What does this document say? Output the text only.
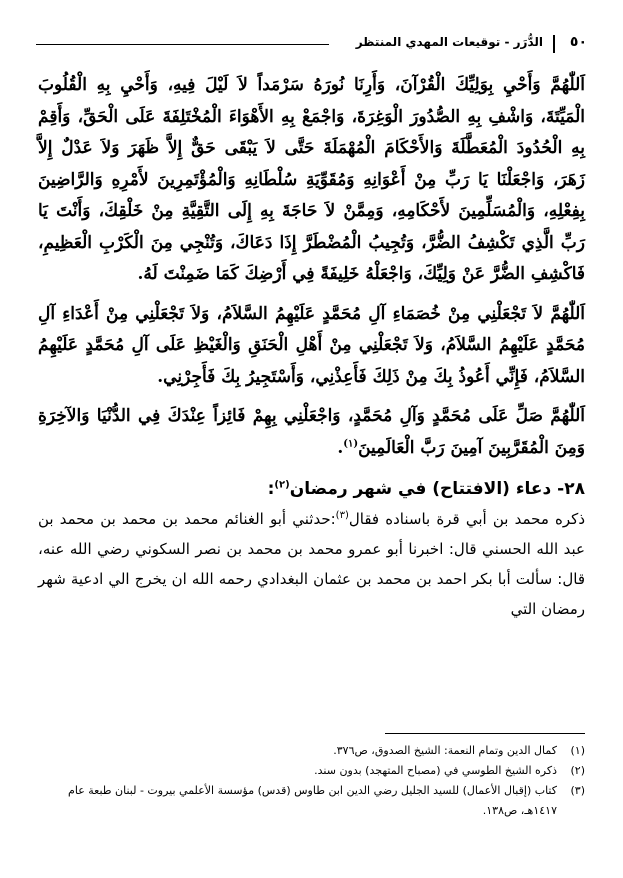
٥٠
الدُّرَر - توقيعات المهدي المنتظر

اَللّٰهُمَّ وَأَحْيِ بِوَلِيِّكَ الْقُرْآنَ، وَأَرِنَا نُورَهُ سَرْمَداً لاَ لَيْلَ فِيهِ، وَأَحْيِ بِهِ الْقُلُوبَ الْمَيِّتَةَ، وَاشْفِ بِهِ الصُّدُورَ الْوَغِرَةَ، وَاجْمَعْ بِهِ الأَهْوَاءَ الْمُخْتَلِفَةَ عَلَى الْحَقِّ، وَأَقِمْ بِهِ الْحُدُودَ الْمُعَطَّلَةَ وَالأَحْكَامَ الْمُهْمَلَةَ حَتَّى لاَ يَبْقَى حَقٌّ إِلاَّ ظَهَرَ وَلاَ عَدْلٌ إِلاَّ زَهَرَ، وَاجْعَلْنَا يَا رَبِّ مِنْ أَعْوَانِهِ وَمُقَوِّيَةِ سُلْطَانِهِ وَالْمُؤْتَمِرِينَ لأَمْرِهِ وَالرَّاضِينَ بِفِعْلِهِ، وَالْمُسَلِّمِينَ لأَحْكَامِهِ، وَمِمَّنْ لاَ حَاجَةَ بِهِ إِلَى التَّقِيَّةِ مِنْ خَلْقِكَ، وَأَنْتَ يَا رَبِّ الَّذِي تَكْشِفُ الضُّرَّ، وَتُجِيبُ الْمُضْطَرَّ إِذَا دَعَاكَ، وَتُنْجِي مِنَ الْكَرْبِ الْعَظِيمِ، فَاكْشِفِ الضُّرَّ عَنْ وَلِيِّكَ، وَاجْعَلْهُ خَلِيفَةً فِي أَرْضِكَ كَمَا ضَمِنْتَ لَهُ.

اَللّٰهُمَّ لاَ تَجْعَلْنِي مِنْ خُصَمَاءِ آلِ مُحَمَّدٍ عَلَيْهِمُ السَّلاَمُ، وَلاَ تَجْعَلْنِي مِنْ أَعْدَاءِ آلِ مُحَمَّدٍ عَلَيْهِمُ السَّلاَمُ، وَلاَ تَجْعَلْنِي مِنْ أَهْلِ الْحَنَقِ وَالْغَيْظِ عَلَى آلِ مُحَمَّدٍ عَلَيْهِمُ السَّلاَمُ، فَإِنِّي أَعُوذُ بِكَ مِنْ ذَلِكَ فَأَعِذْنِي، وَأَسْتَجِيرُ بِكَ فَأَجِرْنِي.

اَللّٰهُمَّ صَلِّ عَلَى مُحَمَّدٍ وَآلِ مُحَمَّدٍ، وَاجْعَلْنِي بِهِمْ فَائِزاً عِنْدَكَ فِي الدُّنْيَا وَالآخِرَةِ وَمِنَ الْمُقَرَّبِينَ آمِينَ رَبَّ الْعَالَمِينَ$^{(١)}$.

٢٨- دعاء (الافتتاح) في شهر رمضان$^{(٢)}$:

ذكره محمد بن أبي قرة باسناده فقال$^{(٣)}$:حدثني أبو الغنائم محمد بن محمد بن محمد بن عبد الله الحسني قال: اخبرنا أبو عمرو محمد بن محمد بن نصر السكوني رضي الله عنه، قال: سألت أبا بكر احمد بن محمد بن عثمان البغدادي رحمه الله ان يخرج الي ادعية شهر رمضان التي

(١)
كمال الدين وتمام النعمة: الشيخ الصدوق، ص٣٧٦.
(٢)
ذكره الشيخ الطوسي في (مصباح المتهجد) بدون سند.
(٣)
كتاب (إقبال الأعمال) للسيد الجليل رضي الدين ابن طاوس (قدس) مؤسسة الأعلمي بيروت - لبنان طبعة عام ١٤١٧هـ، ص١٣٨.
